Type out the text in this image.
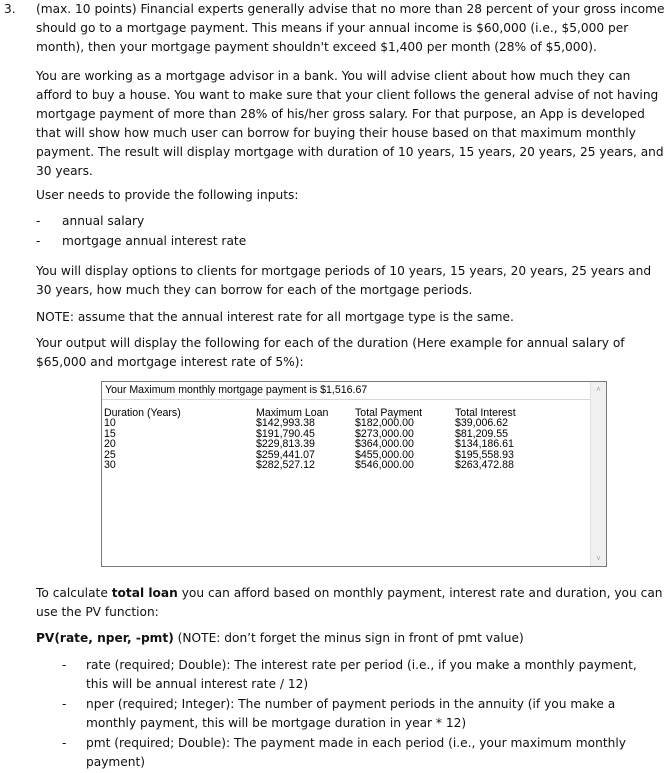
3. (max. 10 points) Financial experts generally advise that no more than 28 percent of your gross income should go to a mortgage payment. This means if your annual income is $60,000 (i.e., $5,000 per month), then your mortgage payment shouldn't exceed $1,400 per month (28% of $5,000).
You are working as a mortgage advisor in a bank. You will advise client about how much they can afford to buy a house. You want to make sure that your client follows the general advise of not having mortgage payment of more than 28% of his/her gross salary. For that purpose, an App is developed that will show how much user can borrow for buying their house based on that maximum monthly payment. The result will display mortgage with duration of 10 years, 15 years, 20 years, 25 years, and 30 years.
User needs to provide the following inputs:
- annual salary
- mortgage annual interest rate
You will display options to clients for mortgage periods of 10 years, 15 years, 20 years, 25 years and 30 years, how much they can borrow for each of the mortgage periods.
NOTE: assume that the annual interest rate for all mortgage type is the same.
Your output will display the following for each of the duration (Here example for annual salary of $65,000 and mortgage interest rate of 5%):
Your Maximum monthly mortgage payment is $1,516.67
Duration (Years)
10
15
20
25
30
Maximum Loan
$142,993.38
$191,790.45
$229,813.39
$259,441.07
$282,527.12
Total Payment
$182,000.00
$273,000.00
$364,000.00
$455,000.00
$546,000.00
Total Interest
$39,006.62
$81,209.55
$134,186.61
$195,558.93
$263,472.88
˄
˅
To calculate total loan you can afford based on monthly payment, interest rate and duration, you can use the PV function:
PV(rate, nper, -pmt) (NOTE: don’t forget the minus sign in front of pmt value)
- rate (required; Double): The interest rate per period (i.e., if you make a monthly payment, this will be annual interest rate / 12)
- nper (required; Integer): The number of payment periods in the annuity (if you make a monthly payment, this will be mortgage duration in year * 12)
- pmt (required; Double): The payment made in each period (i.e., your maximum monthly payment)
